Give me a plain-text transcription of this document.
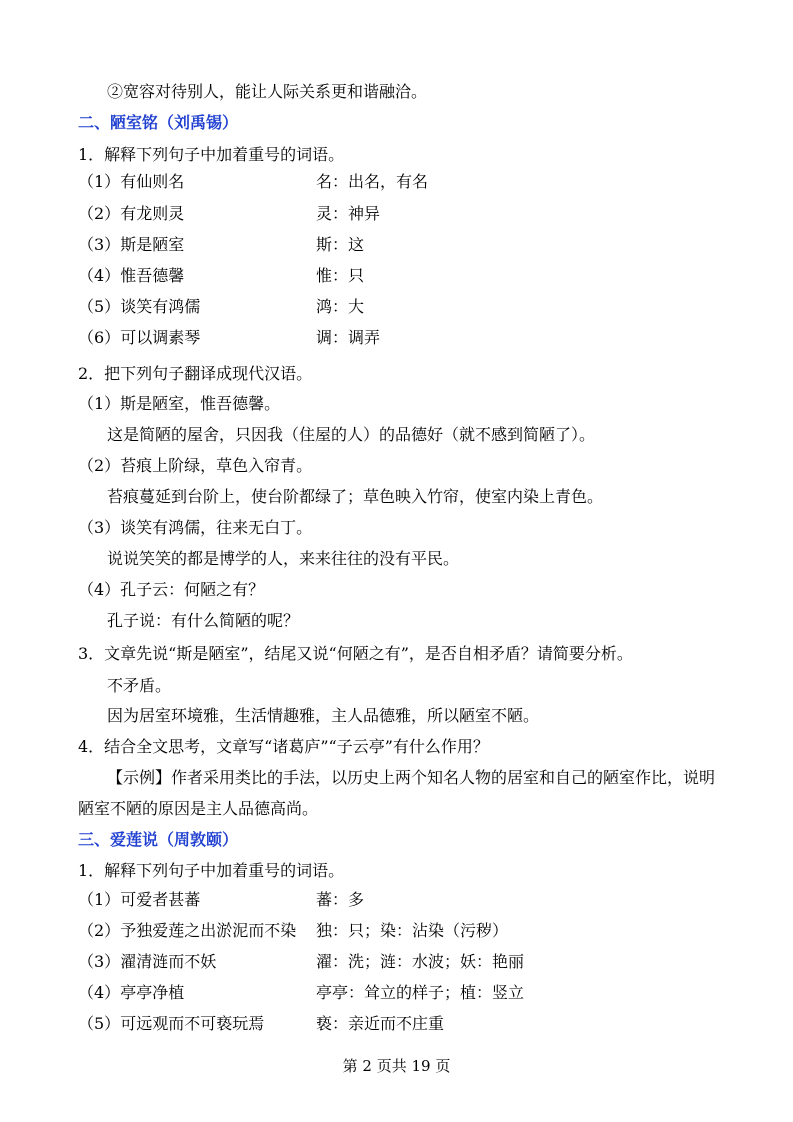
②宽容对待别人，能让人际关系更和谐融洽。
二、陋室铭（刘禹锡）
1．解释下列句子中加着重号的词语。
（1）有仙则名	名：出名，有名
（2）有龙则灵	灵：神异
（3）斯是陋室	斯：这
（4）惟吾德馨	惟：只
（5）谈笑有鸿儒	鸿：大
（6）可以调素琴	调：调弄
2．把下列句子翻译成现代汉语。
（1）斯是陋室，惟吾德馨。
这是简陋的屋舍，只因我（住屋的人）的品德好（就不感到简陋了）。
（2）苔痕上阶绿，草色入帘青。
苔痕蔓延到台阶上，使台阶都绿了；草色映入竹帘，使室内染上青色。
（3）谈笑有鸿儒，往来无白丁。
说说笑笑的都是博学的人，来来往往的没有平民。
（4）孔子云：何陋之有？
孔子说：有什么简陋的呢？
3．文章先说“斯是陋室”，结尾又说“何陋之有”，是否自相矛盾？请简要分析。
不矛盾。
因为居室环境雅，生活情趣雅，主人品德雅，所以陋室不陋。
4．结合全文思考，文章写“诸葛庐”“子云亭”有什么作用？
【示例】作者采用类比的手法，以历史上两个知名人物的居室和自己的陋室作比，说明
陋室不陋的原因是主人品德高尚。
三、爱莲说（周敦颐）
1．解释下列句子中加着重号的词语。
（1）可爱者甚蕃	蕃：多
（2）予独爱莲之出淤泥而不染 独：只；染：沾染（污秽）
（3）濯清涟而不妖	濯：洗；涟：水波；妖：艳丽
（4）亭亭净植	亭亭：耸立的样子；植：竖立
（5）可远观而不可亵玩焉	亵：亲近而不庄重
第 2 页共 19 页
